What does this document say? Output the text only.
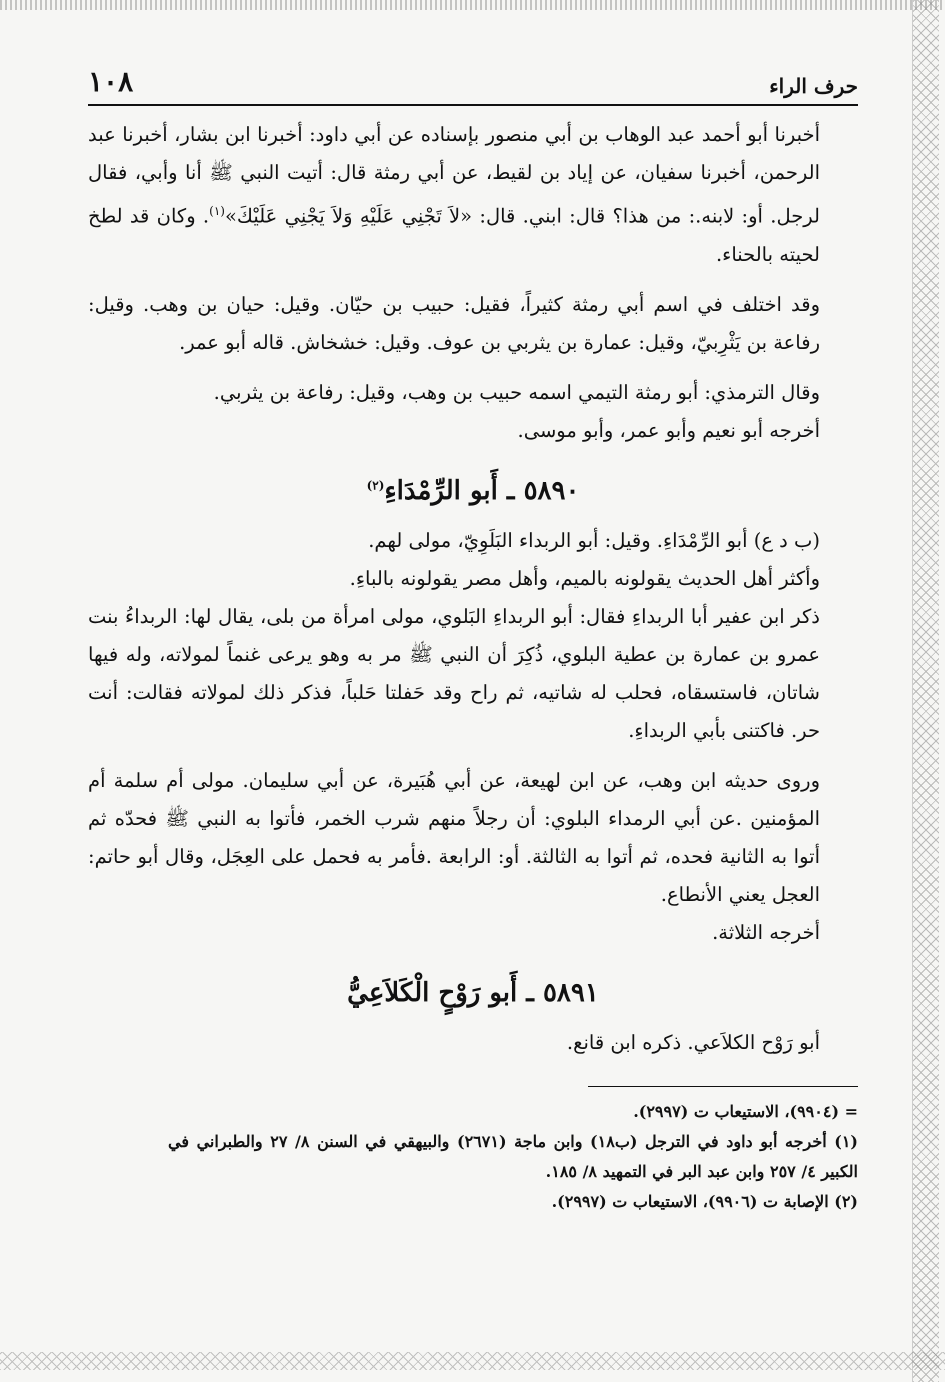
حرف الراء
١٠٨

أخبرنا أبو أحمد عبد الوهاب بن أبي منصور بإسناده عن أبي داود: أخبرنا ابن بشار، أخبرنا عبد الرحمن، أخبرنا سفيان، عن إياد بن لقيط، عن أبي رمثة قال: أتيت النبي ﷺ أنا وأبي، فقال لرجل. أو: لابنه.: من هذا؟ قال: ابني. قال: «لاَ تَجْنِي عَلَيْهِ وَلاَ يَجْنِي عَلَيْكَ»$^{(١)}$. وكان قد لطخ لحيته بالحناء.

وقد اختلف في اسم أبي رمثة كثيراً، فقيل: حبيب بن حيّان. وقيل: حيان بن وهب. وقيل: رفاعة بن يَثْرِبيّ، وقيل: عمارة بن يثربي بن عوف. وقيل: خشخاش. قاله أبو عمر.

وقال الترمذي: أبو رمثة التيمي اسمه حبيب بن وهب، وقيل: رفاعة بن يثربي.

أخرجه أبو نعيم وأبو عمر، وأبو موسى.

٥٨٩٠ ـ أَبو الرِّمْدَاءِ$^{(٢)}$

(ب د ع) أبو الرِّمْدَاءِ. وقيل: أبو الربداء البَلَوِيّ، مولى لهم.

وأكثر أهل الحديث يقولونه بالميم، وأهل مصر يقولونه بالباءِ.

ذكر ابن عفير أبا الربداءِ فقال: أبو الربداءِ البَلوي، مولى امرأة من بلى، يقال لها: الربداءُ بنت عمرو بن عمارة بن عطية البلوي، ذُكِرَ أن النبي ﷺ مر به وهو يرعى غنماً لمولاته، وله فيها شاتان، فاستسقاه، فحلب له شاتيه، ثم راح وقد حَفلتا حَلباً، فذكر ذلك لمولاته فقالت: أنت حر. فاكتنى بأبي الربداءِ.

وروى حديثه ابن وهب، عن ابن لهيعة، عن أبي هُبَيرة، عن أبي سليمان. مولى أم سلمة أم المؤمنين .عن أبي الرمداء البلوي: أن رجلاً منهم شرب الخمر، فأتوا به النبي ﷺ فحدّه ثم أتوا به الثانية فحده، ثم أتوا به الثالثة. أو: الرابعة .فأمر به فحمل على العِجَل، وقال أبو حاتم: العجل يعني الأنطاع.

أخرجه الثلاثة.

٥٨٩١ ـ أَبو رَوْحٍ الْكَلاَعِيُّ

أبو رَوْح الكلاَعي. ذكره ابن قانع.

= (٩٩٠٤)، الاستيعاب ت (٢٩٩٧).

(١) أخرجه أبو داود في الترجل (ب١٨) وابن ماجة (٢٦٧١) والبيهقي في السنن ٨/ ٢٧ والطبراني في الكبير ٤/ ٢٥٧ وابن عبد البر في التمهيد ٨/ ١٨٥.

(٢) الإصابة ت (٩٩٠٦)، الاستيعاب ت (٢٩٩٧).
